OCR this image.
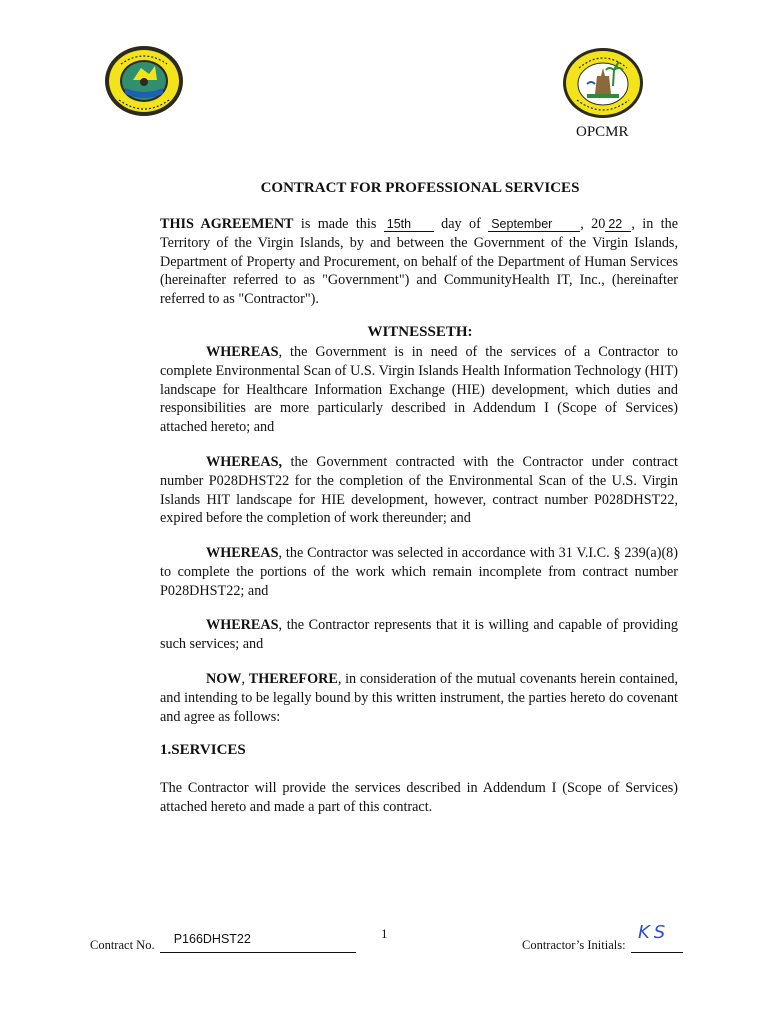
OPCMR
CONTRACT FOR PROFESSIONAL SERVICES
THIS AGREEMENT is made this 15th day of September , 20 22 , in the Territory of the Virgin Islands, by and between the Government of the Virgin Islands, Department of Property and Procurement, on behalf of the Department of Human Services (hereinafter referred to as "Government") and CommunityHealth IT, Inc., (hereinafter referred to as "Contractor").
WITNESSETH:
WHEREAS, the Government is in need of the services of a Contractor to complete Environmental Scan of U.S. Virgin Islands Health Information Technology (HIT) landscape for Healthcare Information Exchange (HIE) development, which duties and responsibilities are more particularly described in Addendum I (Scope of Services) attached hereto; and
WHEREAS, the Government contracted with the Contractor under contract number P028DHST22 for the completion of the Environmental Scan of the U.S. Virgin Islands HIT landscape for HIE development, however, contract number P028DHST22, expired before the completion of work thereunder; and
WHEREAS, the Contractor was selected in accordance with 31 V.I.C. § 239(a)(8) to complete the portions of the work which remain incomplete from contract number P028DHST22; and
WHEREAS, the Contractor represents that it is willing and capable of providing such services; and
NOW, THEREFORE, in consideration of the mutual covenants herein contained, and intending to be legally bound by this written instrument, the parties hereto do covenant and agree as follows:
1.SERVICES
The Contractor will provide the services described in Addendum I (Scope of Services) attached hereto and made a part of this contract.
1
Contract No. P166DHST22	Contractor’s Initials:
KS
